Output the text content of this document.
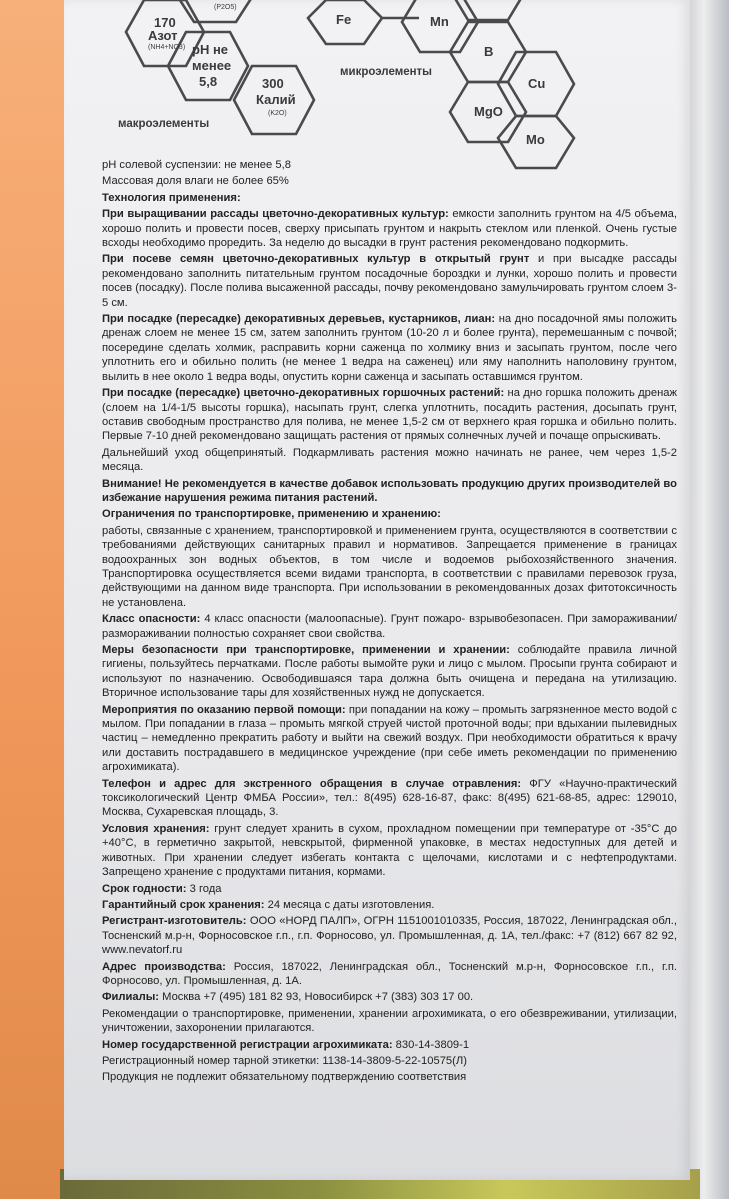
170
Азот
(NH4+NO3)
(P2O5)
pH не
менее
5,8	300
Калий
(K2O)
Fe	Mn
B
Cu
MgO
Mo
макроэлементы
микроэлементы

рН солевой суспензии: не менее 5,8

Массовая доля влаги не более 65%

Технология применения:

При выращивании рассады цветочно-декоративных культур: емкости заполнить грунтом на 4/5 объема, хорошо полить и провести посев, сверху присыпать грунтом и накрыть стеклом или пленкой. Очень густые всходы необходимо проредить. За неделю до высадки в грунт растения рекомендовано подкормить.

При посеве семян цветочно-декоративных культур в открытый грунт и при высадке рассады рекомендовано заполнить питательным грунтом посадочные бороздки и лунки, хорошо полить и провести посев (посадку). После полива высаженной рассады, почву рекомендовано замульчировать грунтом слоем 3-5 см.

При посадке (пересадке) декоративных деревьев, кустарников, лиан: на дно посадочной ямы положить дренаж слоем не менее 15 см, затем заполнить грунтом (10-20 л и более грунта), перемешанным с почвой; посередине сделать холмик, расправить корни саженца по холмику вниз и засыпать грунтом, после чего уплотнить его и обильно полить (не менее 1 ведра на саженец) или яму наполнить наполовину грунтом, вылить в нее около 1 ведра воды, опустить корни саженца и засыпать оставшимся грунтом.

При посадке (пересадке) цветочно-декоративных горшочных растений: на дно горшка положить дренаж (слоем на 1/4-1/5 высоты горшка), насыпать грунт, слегка уплотнить, посадить растения, досыпать грунт, оставив свободным пространство для полива, не менее 1,5-2 см от верхнего края горшка и обильно полить. Первые 7-10 дней рекомендовано защищать растения от прямых солнечных лучей и почаще опрыскивать.

Дальнейший уход общепринятый. Подкармливать растения можно начинать не ранее, чем через 1,5-2 месяца.

Внимание! Не рекомендуется в качестве добавок использовать продукцию других производителей во избежание нарушения режима питания растений.

Ограничения по транспортировке, применению и хранению:

работы, связанные с хранением, транспортировкой и применением грунта, осуществляются в соответствии с требованиями действующих санитарных правил и нормативов. Запрещается применение в границах водоохранных зон водных объектов, в том числе и водоемов рыбохозяйственного значения. Транспортировка осуществляется всеми видами транспорта, в соответствии с правилами перевозок груза, действующими на данном виде транспорта. При использовании в рекомендованных дозах фитотоксичность не установлена.

Класс опасности: 4 класс опасности (малоопасные). Грунт пожаро- взрывобезопасен. При замораживании/размораживании полностью сохраняет свои свойства.

Меры безопасности при транспортировке, применении и хранении: соблюдайте правила личной гигиены, пользуйтесь перчатками. После работы вымойте руки и лицо с мылом. Просыпи грунта собирают и используют по назначению. Освободившаяся тара должна быть очищена и передана на утилизацию. Вторичное использование тары для хозяйственных нужд не допускается.

Мероприятия по оказанию первой помощи: при попадании на кожу – промыть загрязненное место водой с мылом. При попадании в глаза – промыть мягкой струей чистой проточной воды; при вдыхании пылевидных частиц – немедленно прекратить работу и выйти на свежий воздух. При необходимости обратиться к врачу или доставить пострадавшего в медицинское учреждение (при себе иметь рекомендации по применению агрохимиката).

Телефон и адрес для экстренного обращения в случае отравления: ФГУ «Научно-практический токсикологический Центр ФМБА России», тел.: 8(495) 628-16-87, факс: 8(495) 621-68-85, адрес: 129010, Москва, Сухаревская площадь, 3.

Условия хранения: грунт следует хранить в сухом, прохладном помещении при температуре от -35°С до +40°С, в герметично закрытой, невскрытой, фирменной упаковке, в местах недоступных для детей и животных. При хранении следует избегать контакта с щелочами, кислотами и с нефтепродуктами. Запрещено хранение с продуктами питания, кормами.

Срок годности: 3 года

Гарантийный срок хранения: 24 месяца с даты изготовления.

Регистрант-изготовитель: ООО «НОРД ПАЛП», ОГРН 1151001010335, Россия, 187022, Ленинградская обл., Тосненский м.р-н, Форносовское г.п., г.п. Форносово, ул. Промышленная, д. 1А, тел./факс: +7 (812) 667 82 92, www.nevatorf.ru

Адрес производства: Россия, 187022, Ленинградская обл., Тосненский м.р-н, Форносовское г.п., г.п. Форносово, ул. Промышленная, д. 1А.

Филиалы: Москва +7 (495) 181 82 93, Новосибирск +7 (383) 303 17 00.

Рекомендации о транспортировке, применении, хранении агрохимиката, о его обезвреживании, утилизации, уничтожении, захоронении прилагаются.

Номер государственной регистрации агрохимиката: 830-14-3809-1

Регистрационный номер тарной этикетки: 1138-14-3809-5-22-10575(Л)

Продукция не подлежит обязательному подтверждению соответствия
